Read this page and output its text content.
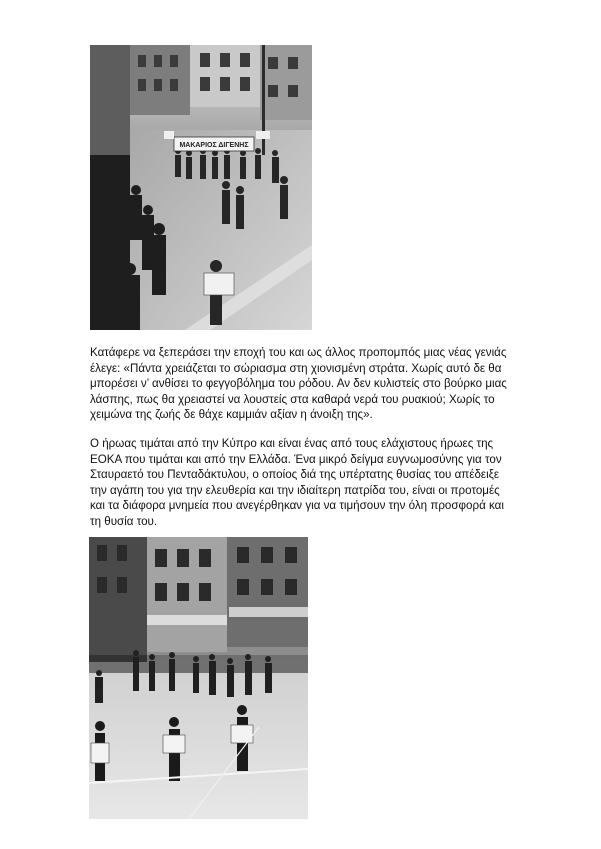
ΜΑΚΑΡΙΟΣ ΔΙΓΕΝΗΣ

Κατάφερε να ξεπεράσει την εποχή του και ως άλλος προπομπός μιας νέας γενιάς
έλεγε: «Πάντα χρειάζεται το σώριασμα στη χιονισμένη στράτα. Χωρίς αυτό δε θα
μπορέσει ν’ ανθίσει το φεγγοβόλημα του ρόδου. Αν δεν κυλιστείς στο βούρκο μιας
λάσπης, πως θα χρειαστεί να λουστείς στα καθαρά νερά του ρυακιού; Χωρίς το
χειμώνα της ζωής δε θάχε καμμιάν αξίαν η άνοιξη της».

Ο ήρωας τιμάται από την Κύπρο και είναι ένας από τους ελάχιστους ήρωες της
ΕΟΚΑ που τιμάται και από την Ελλάδα. Ένα μικρό δείγμα ευγνωμοσύνης για τον
Σταυραετό του Πενταδάκτυλου, ο οποίος διά της υπέρτατης θυσίας του απέδειξε
την αγάπη του για την ελευθερία και την ιδιαίτερη πατρίδα του, είναι οι προτομές
και τα διάφορα μνημεία που ανεγέρθηκαν για να τιμήσουν την όλη προσφορά και
τη θυσία του.
